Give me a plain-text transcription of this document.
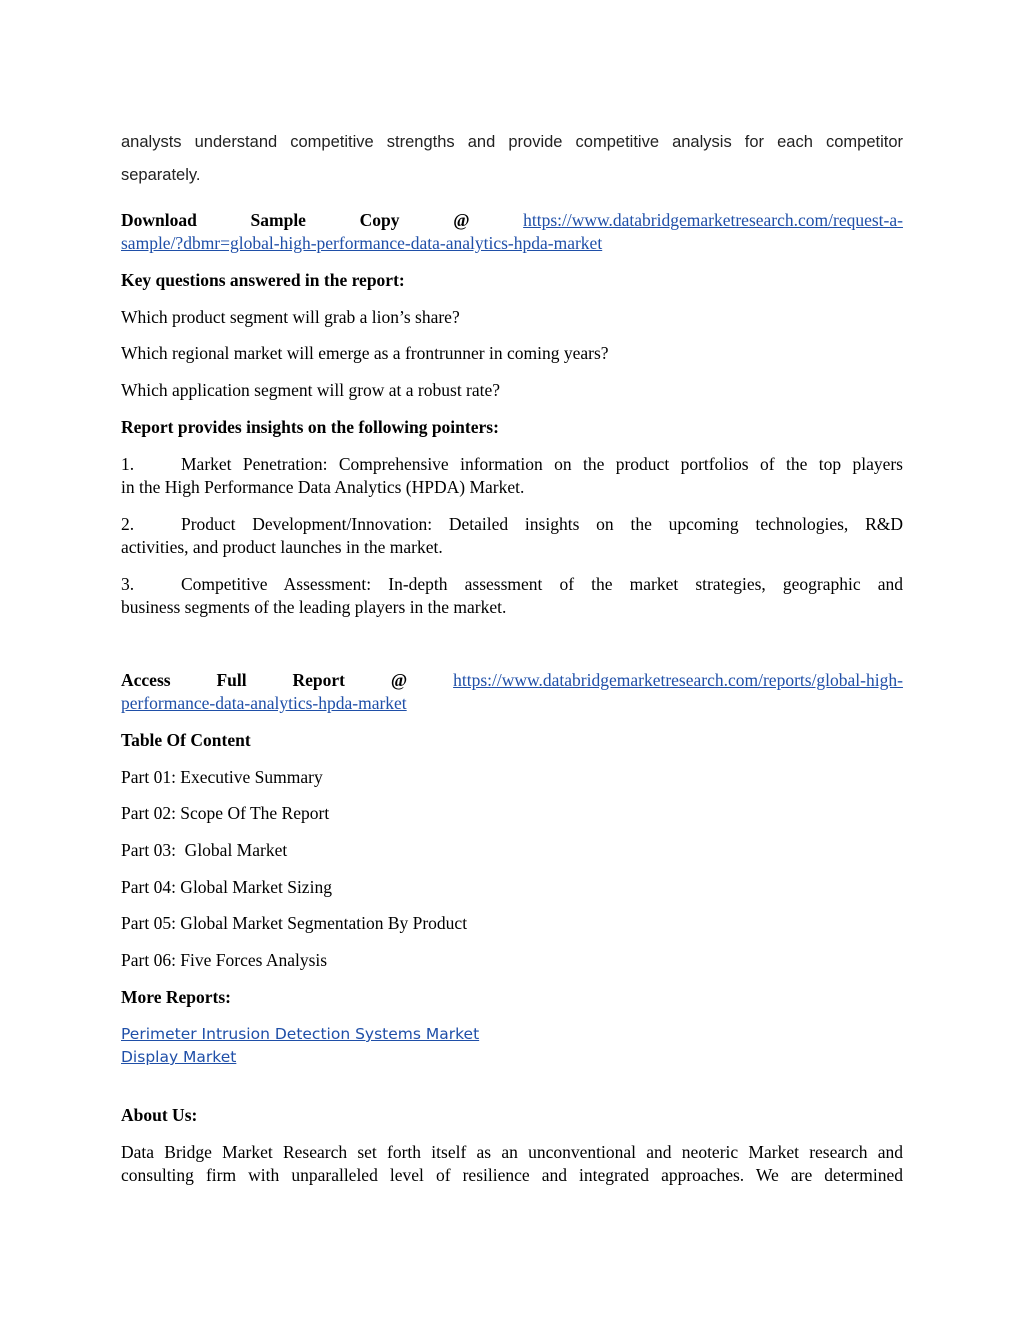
analysts understand competitive strengths and provide competitive analysis for each competitor
separately.
Download	Sample	Copy	@	https://www.databridgemarketresearch.com/request-a-
sample/?dbmr=global-high-performance-data-analytics-hpda-market
Key questions answered in the report:
Which product segment will grab a lion’s share?
Which regional market will emerge as a frontrunner in coming years?
Which application segment will grow at a robust rate?
Report provides insights on the following pointers:
1.	Market Penetration: Comprehensive information on the product portfolios of the top players
in the High Performance Data Analytics (HPDA) Market.
2.	Product Development/Innovation: Detailed insights on the upcoming technologies, R&D
activities, and product launches in the market.
3.	Competitive Assessment: In-depth assessment of the market strategies, geographic and
business segments of the leading players in the market.
Access	Full	Report	@	https://www.databridgemarketresearch.com/reports/global-high-
performance-data-analytics-hpda-market
Table Of Content
Part 01: Executive Summary
Part 02: Scope Of The Report
Part 03:  Global Market
Part 04: Global Market Sizing
Part 05: Global Market Segmentation By Product
Part 06: Five Forces Analysis
More Reports:
Perimeter Intrusion Detection Systems Market
Display Market
About Us:
Data Bridge Market Research set forth itself as an unconventional and neoteric Market research and
consulting firm with unparalleled level of resilience and integrated approaches. We are determined
